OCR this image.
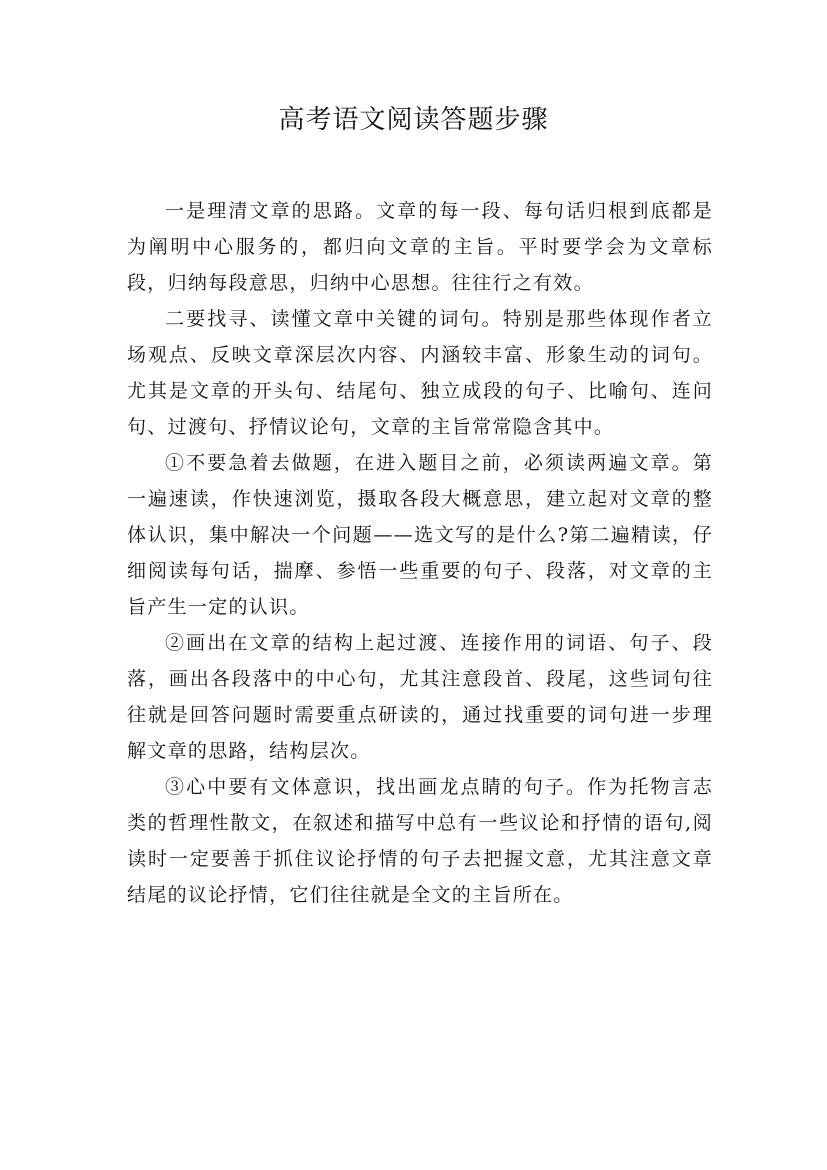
高考语文阅读答题步骤

一是理清文章的思路。文章的每一段、每句话归根到底都是为阐明中心服务的，都归向文章的主旨。平时要学会为文章标段，归纳每段意思，归纳中心思想。往往行之有效。

二要找寻、读懂文章中关键的词句。特别是那些体现作者立场观点、反映文章深层次内容、内涵较丰富、形象生动的词句。尤其是文章的开头句、结尾句、独立成段的句子、比喻句、连问句、过渡句、抒情议论句，文章的主旨常常隐含其中。

①不要急着去做题，在进入题目之前，必须读两遍文章。第一遍速读，作快速浏览，摄取各段大概意思，建立起对文章的整体认识，集中解决一个问题——选文写的是什么?第二遍精读，仔细阅读每句话，揣摩、参悟一些重要的句子、段落，对文章的主旨产生一定的认识。

②画出在文章的结构上起过渡、连接作用的词语、句子、段落，画出各段落中的中心句，尤其注意段首、段尾，这些词句往往就是回答问题时需要重点研读的，通过找重要的词句进一步理解文章的思路，结构层次。

③心中要有文体意识，找出画龙点睛的句子。作为托物言志类的哲理性散文，在叙述和描写中总有一些议论和抒情的语句,阅读时一定要善于抓住议论抒情的句子去把握文意，尤其注意文章结尾的议论抒情，它们往往就是全文的主旨所在。
